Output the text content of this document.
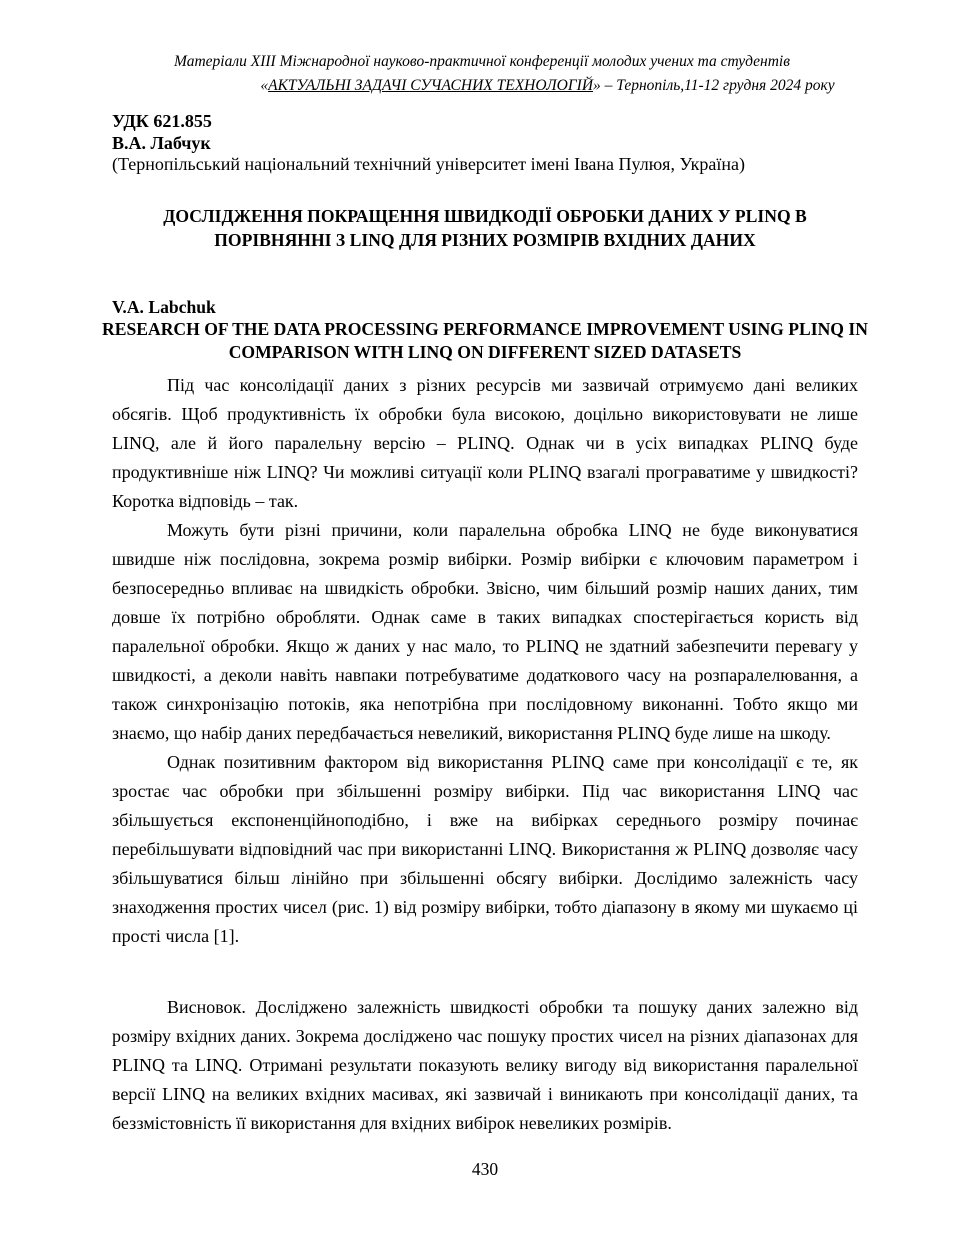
Матеріали XIII Міжнародної науково-практичної конференції молодих учених та студентів
«АКТУАЛЬНІ ЗАДАЧІ СУЧАСНИХ ТЕХНОЛОГІЙ» – Тернопіль,11-12 грудня 2024 року
УДК 621.855
В.А. Лабчук
(Тернопільський національний технічний університет імені Івана Пулюя, Україна)
ДОСЛІДЖЕННЯ ПОКРАЩЕННЯ ШВИДКОДІЇ ОБРОБКИ ДАНИХ У PLINQ В ПОРІВНЯННІ З LINQ ДЛЯ РІЗНИХ РОЗМІРІВ ВХІДНИХ ДАНИХ
V.A. Labchuk
RESEARCH OF THE DATA PROCESSING PERFORMANCE IMPROVEMENT USING PLINQ IN COMPARISON WITH LINQ ON DIFFERENT SIZED DATASETS

Під час консолідації даних з різних ресурсів ми зазвичай отримуємо дані великих обсягів. Щоб продуктивність їх обробки була високою, доцільно використовувати не лише LINQ, але й його паралельну версію – PLINQ. Однак чи в усіх випадках PLINQ буде продуктивніше ніж LINQ? Чи можливі ситуації коли PLINQ взагалі програватиме у швидкості? Коротка відповідь – так.

Можуть бути різні причини, коли паралельна обробка LINQ не буде виконуватися швидше ніж послідовна, зокрема розмір вибірки. Розмір вибірки є ключовим параметром і безпосередньо впливає на швидкість обробки. Звісно, чим більший розмір наших даних, тим довше їх потрібно обробляти. Однак саме в таких випадках спостерігається користь від паралельної обробки. Якщо ж даних у нас мало, то PLINQ не здатний забезпечити перевагу у швидкості, а деколи навіть навпаки потребуватиме додаткового часу на розпаралелювання, а також синхронізацію потоків, яка непотрібна при послідовному виконанні. Тобто якщо ми знаємо, що набір даних передбачається невеликий, використання PLINQ буде лише на шкоду.

Однак позитивним фактором від використання PLINQ саме при консолідації є те, як зростає час обробки при збільшенні розміру вибірки. Під час використання LINQ час збільшується експоненційноподібно, і вже на вибірках середнього розміру починає перебільшувати відповідний час при використанні LINQ. Використання ж PLINQ дозволяє часу збільшуватися більш лінійно при збільшенні обсягу вибірки. Дослідимо залежність часу знаходження простих чисел (рис. 1) від розміру вибірки, тобто діапазону в якому ми шукаємо ці прості числа [1].

Висновок. Досліджено залежність швидкості обробки та пошуку даних залежно від розміру вхідних даних. Зокрема досліджено час пошуку простих чисел на різних діапазонах для PLINQ та LINQ. Отримані результати показують велику вигоду від використання паралельної версії LINQ на великих вхідних масивах, які зазвичай і виникають при консолідації даних, та беззмістовність її використання для вхідних вибірок невеликих розмірів.

430
